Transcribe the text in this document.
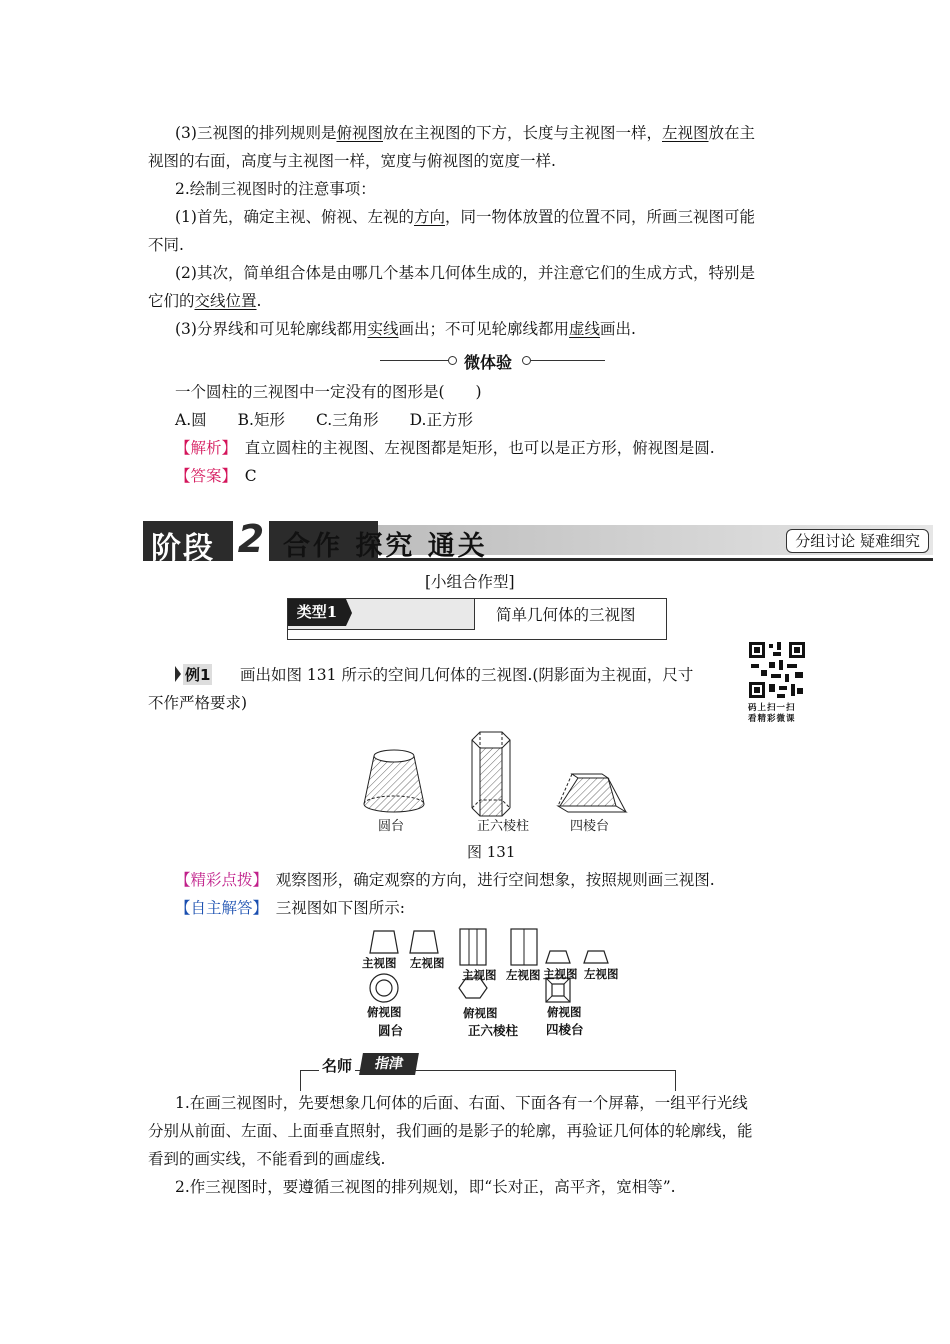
(3)三视图的排列规则是俯视图放在主视图的下方，长度与主视图一样，左视图放在主
视图的右面，高度与主视图一样，宽度与俯视图的宽度一样.
2.绘制三视图时的注意事项：
(1)首先，确定主视、俯视、左视的方向，同一物体放置的位置不同，所画三视图可能
不同.
(2)其次，简单组合体是由哪几个基本几何体生成的，并注意它们的生成方式，特别是
它们的交线位置.
(3)分界线和可见轮廓线都用实线画出；不可见轮廓线都用虚线画出.
微体验
一个圆柱的三视图中一定没有的图形是(　　)
A.圆　　B.矩形　　C.三角形　　D.正方形
【解析】　 直立圆柱的主视图、左视图都是矩形，也可以是正方形，俯视图是圆.
【答案】　 C
阶段 2 合作 探究 通关	分组讨论 疑难细究
[小组合作型]
类型1	简单几何体的三视图
例1 画出如图 131 所示的空间几何体的三视图.(阴影面为主视面，尺寸
不作严格要求)	码上扫一扫
看精彩微课
圆台	正六棱柱	四棱台
图 131
【精彩点拨】　 观察图形，确定观察的方向，进行空间想象，按照规则画三视图.
【自主解答】　 三视图如下图所示:
主视图 左视图
俯视图
圆台
主视图 左视图
俯视图
正六棱柱
主视图 左视图
俯视图
四棱台
名师	指津
1.在画三视图时，先要想象几何体的后面、右面、下面各有一个屏幕，一组平行光线
分别从前面、左面、上面垂直照射，我们画的是影子的轮廓，再验证几何体的轮廓线，能
看到的画实线，不能看到的画虚线.
2.作三视图时，要遵循三视图的排列规划，即“长对正，高平齐，宽相等”.
